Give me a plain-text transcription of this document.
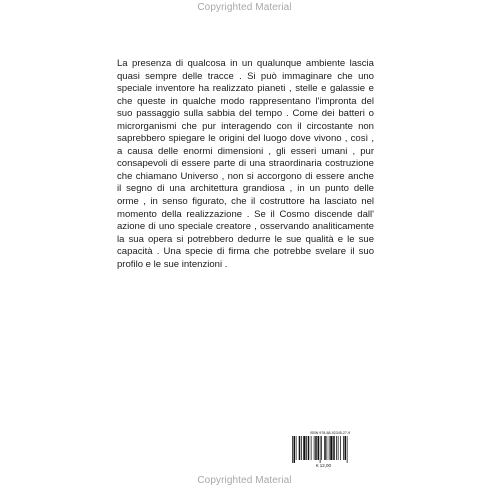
Copyrighted Material

La presenza di qualcosa in un qualunque ambiente lascia quasi sempre delle tracce . Si può immaginare che uno speciale inventore ha realizzato pianeti , stelle e galassie e che queste in qualche modo rappresentano l'impronta del suo passaggio sulla sabbia del tempo . Come dei batteri o microrganismi che pur interagendo con il circostante non saprebbero spiegare le origini del luogo dove vivono , così , a causa delle enormi dimensioni , gli esseri umani , pur consapevoli di essere parte di una straordinaria costruzione che chiamano Universo , non si accorgono di essere anche il segno di una architettura grandiosa , in un punto delle orme , in senso figurato, che il costruttore ha lasciato nel momento della realizzazione . Se il Cosmo discende dall' azione di uno speciale creatore , osservando analiticamente la sua opera si potrebbero dedurre le sue qualità e le sue capacità . Una specie di firma che potrebbe svelare il suo profilo e le sue intenzioni .

ISBN 978-88-92345-27-9
€ 12,00
Copyrighted Material
